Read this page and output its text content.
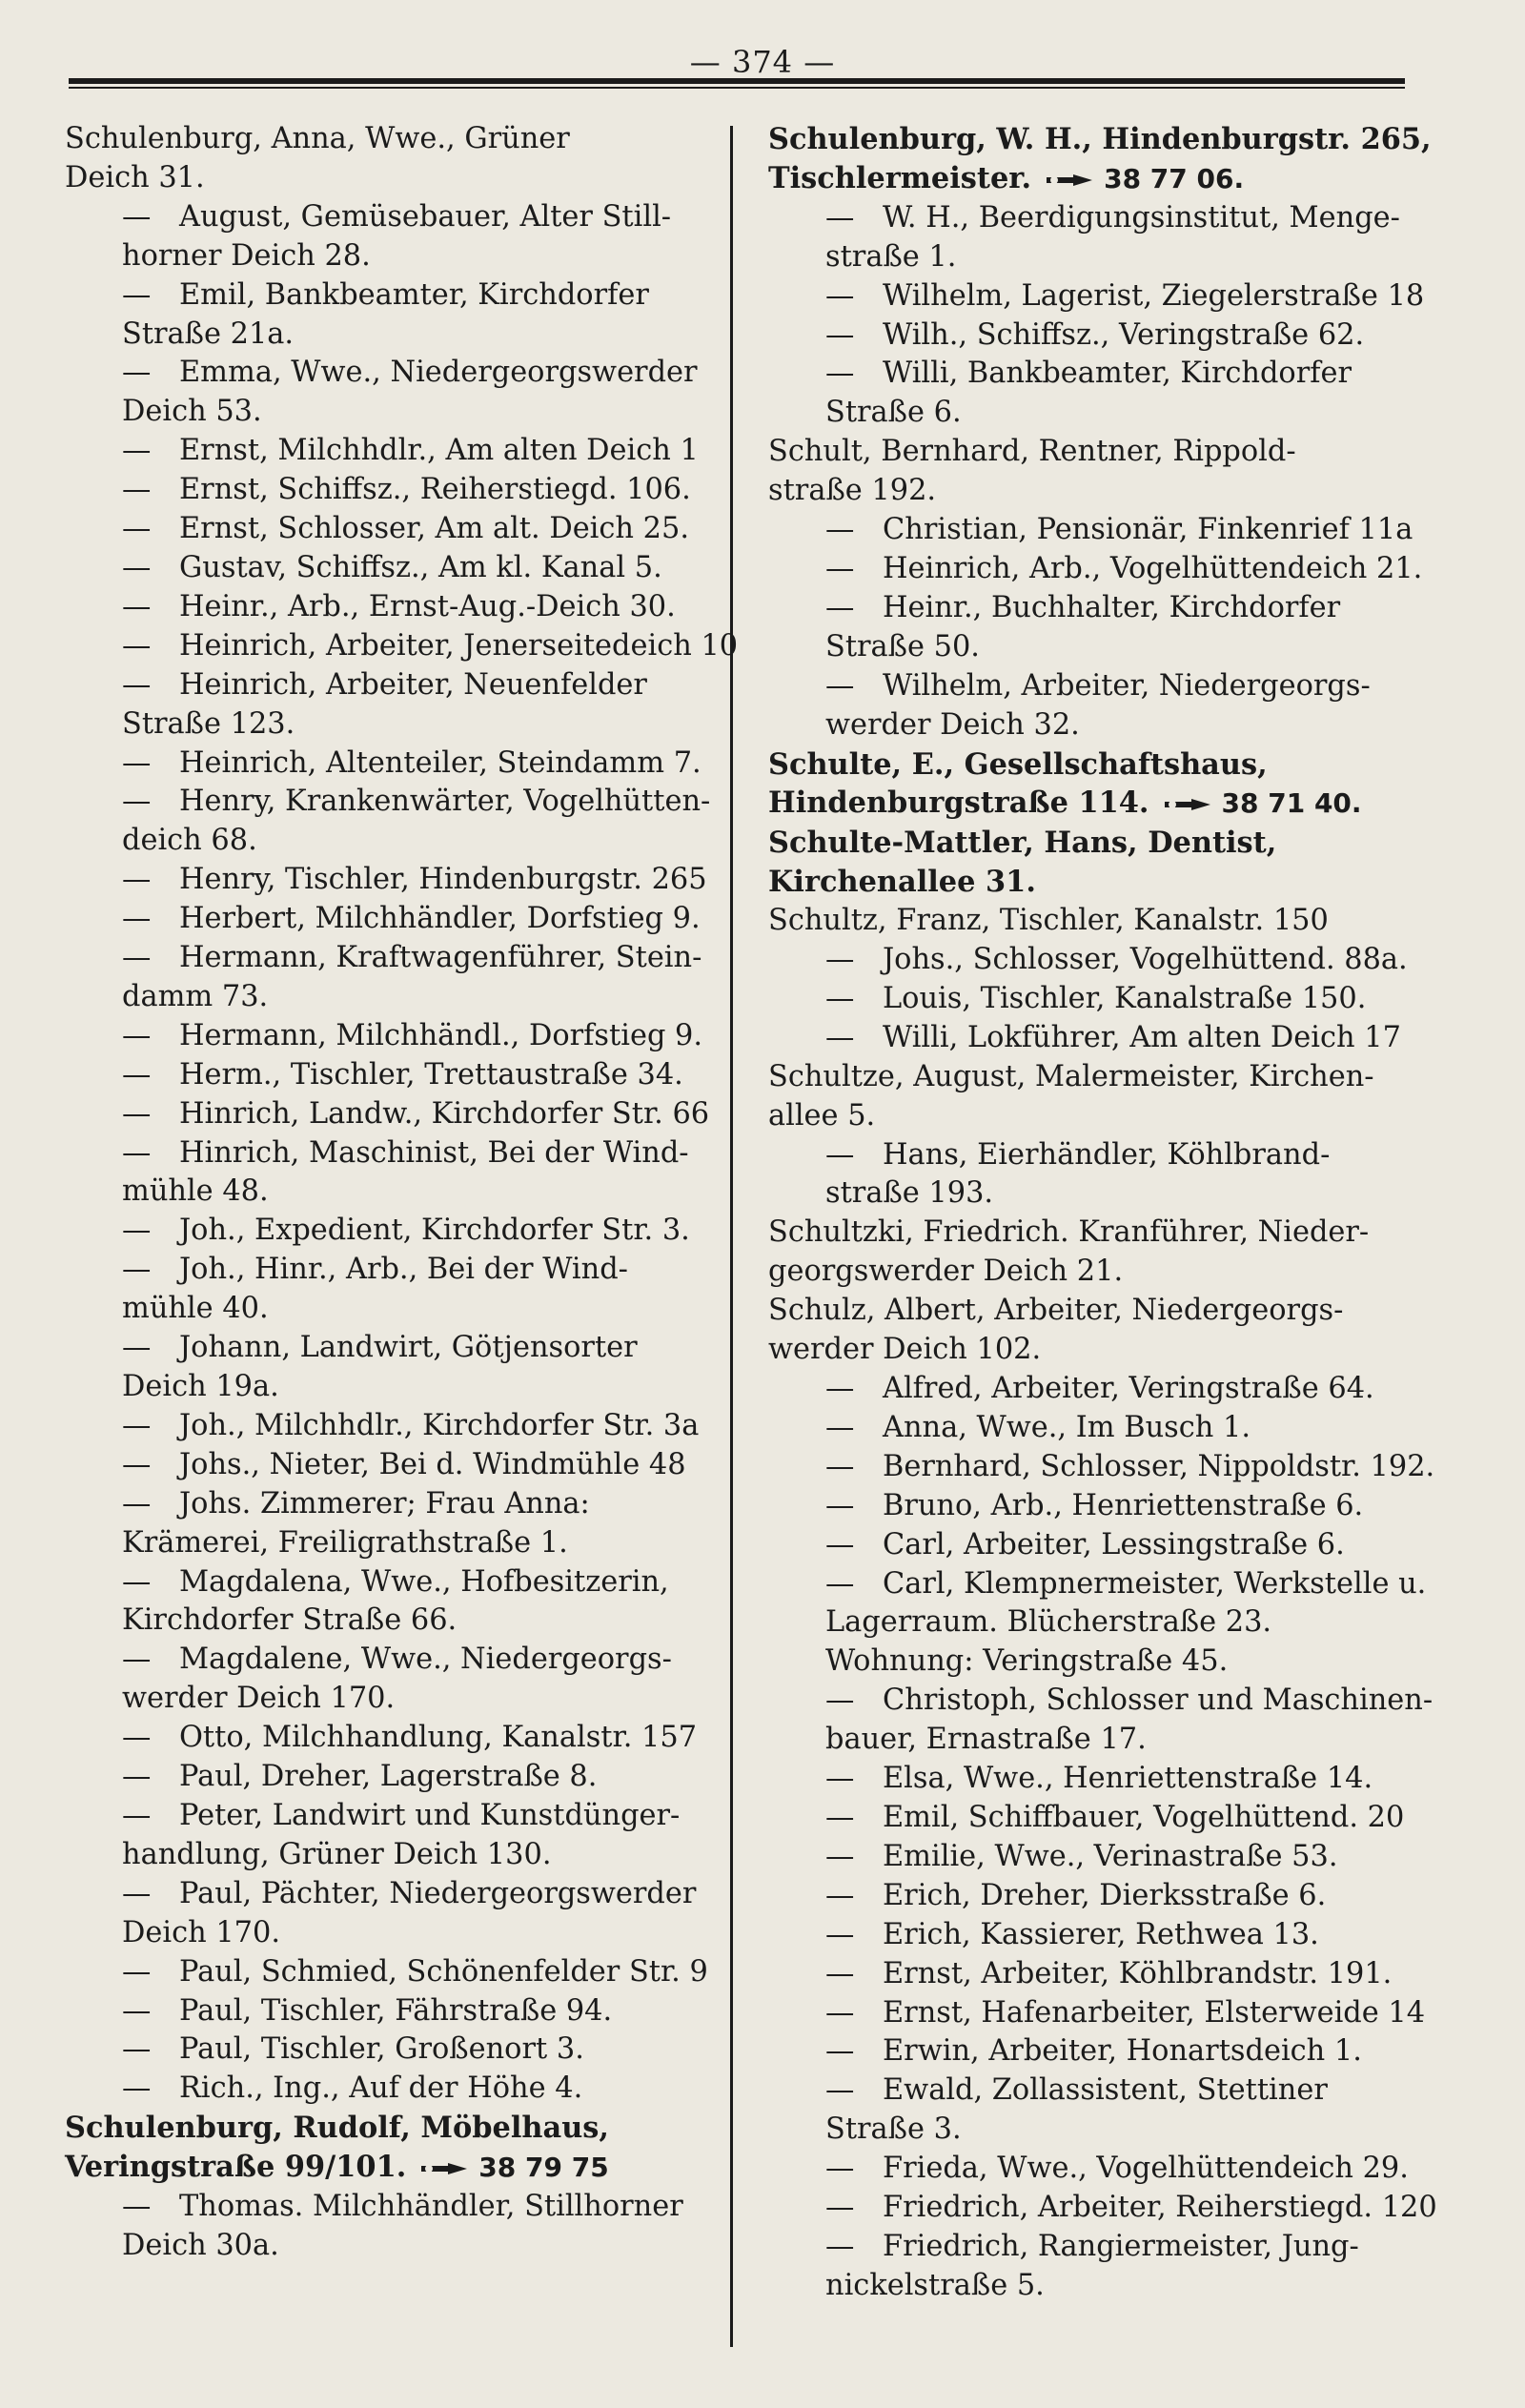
— 374 —
Schulenburg, Anna, Wwe., Grüner
Deich 31.
— August, Gemüsebauer, Alter Still-
horner Deich 28.
— Emil, Bankbeamter, Kirchdorfer
Straße 21a.
— Emma, Wwe., Niedergeorgswerder
Deich 53.
— Ernst, Milchhdlr., Am alten Deich 1
— Ernst, Schiffsz., Reiherstiegd. 106.
— Ernst, Schlosser, Am alt. Deich 25.
— Gustav, Schiffsz., Am kl. Kanal 5.
— Heinr., Arb., Ernst-Aug.-Deich 30.
— Heinrich, Arbeiter, Jenerseitedeich 10
— Heinrich, Arbeiter, Neuenfelder
Straße 123.
— Heinrich, Altenteiler, Steindamm 7.
— Henry, Krankenwärter, Vogelhütten-
deich 68.
— Henry, Tischler, Hindenburgstr. 265
— Herbert, Milchhändler, Dorfstieg 9.
— Hermann, Kraftwagenführer, Stein-
damm 73.
— Hermann, Milchhändl., Dorfstieg 9.
— Herm., Tischler, Trettaustraße 34.
— Hinrich, Landw., Kirchdorfer Str. 66
— Hinrich, Maschinist, Bei der Wind-
mühle 48.
— Joh., Expedient, Kirchdorfer Str. 3.
— Joh., Hinr., Arb., Bei der Wind-
mühle 40.
— Johann, Landwirt, Götjensorter
Deich 19a.
— Joh., Milchhdlr., Kirchdorfer Str. 3a
— Johs., Nieter, Bei d. Windmühle 48
— Johs. Zimmerer; Frau Anna:
Krämerei, Freiligrathstraße 1.
— Magdalena, Wwe., Hofbesitzerin,
Kirchdorfer Straße 66.
— Magdalene, Wwe., Niedergeorgs-
werder Deich 170.
— Otto, Milchhandlung, Kanalstr. 157
— Paul, Dreher, Lagerstraße 8.
— Peter, Landwirt und Kunstdünger-
handlung, Grüner Deich 130.
— Paul, Pächter, Niedergeorgswerder
Deich 170.
— Paul, Schmied, Schönenfelder Str. 9
— Paul, Tischler, Fährstraße 94.
— Paul, Tischler, Großenort 3.
— Rich., Ing., Auf der Höhe 4.
Schulenburg, Rudolf, Möbelhaus,
Veringstraße 99/101.	38 79 75
— Thomas. Milchhändler, Stillhorner
Deich 30a.
Schulenburg, W. H., Hindenburgstr. 265,
Tischlermeister.	38 77 06.
— W. H., Beerdigungsinstitut, Menge-
straße 1.
— Wilhelm, Lagerist, Ziegelerstraße 18
— Wilh., Schiffsz., Veringstraße 62.
— Willi, Bankbeamter, Kirchdorfer
Straße 6.
Schult, Bernhard, Rentner, Rippold-
straße 192.
— Christian, Pensionär, Finkenrief 11a
— Heinrich, Arb., Vogelhüttendeich 21.
— Heinr., Buchhalter, Kirchdorfer
Straße 50.
— Wilhelm, Arbeiter, Niedergeorgs-
werder Deich 32.
Schulte, E., Gesellschaftshaus,
Hindenburgstraße 114.	38 71 40.
Schulte-Mattler, Hans, Dentist,
Kirchenallee 31.
Schultz, Franz, Tischler, Kanalstr. 150
— Johs., Schlosser, Vogelhüttend. 88a.
— Louis, Tischler, Kanalstraße 150.
— Willi, Lokführer, Am alten Deich 17
Schultze, August, Malermeister, Kirchen-
allee 5.
— Hans, Eierhändler, Köhlbrand-
straße 193.
Schultzki, Friedrich. Kranführer, Nieder-
georgswerder Deich 21.
Schulz, Albert, Arbeiter, Niedergeorgs-
werder Deich 102.
— Alfred, Arbeiter, Veringstraße 64.
— Anna, Wwe., Im Busch 1.
— Bernhard, Schlosser, Nippoldstr. 192.
— Bruno, Arb., Henriettenstraße 6.
— Carl, Arbeiter, Lessingstraße 6.
— Carl, Klempnermeister, Werkstelle u.
Lagerraum. Blücherstraße 23.
Wohnung: Veringstraße 45.
— Christoph, Schlosser und Maschinen-
bauer, Ernastraße 17.
— Elsa, Wwe., Henriettenstraße 14.
— Emil, Schiffbauer, Vogelhüttend. 20
— Emilie, Wwe., Verinastraße 53.
— Erich, Dreher, Dierksstraße 6.
— Erich, Kassierer, Rethwea 13.
— Ernst, Arbeiter, Köhlbrandstr. 191.
— Ernst, Hafenarbeiter, Elsterweide 14
— Erwin, Arbeiter, Honartsdeich 1.
— Ewald, Zollassistent, Stettiner
Straße 3.
— Frieda, Wwe., Vogelhüttendeich 29.
— Friedrich, Arbeiter, Reiherstiegd. 120
— Friedrich, Rangiermeister, Jung-
nickelstraße 5.
